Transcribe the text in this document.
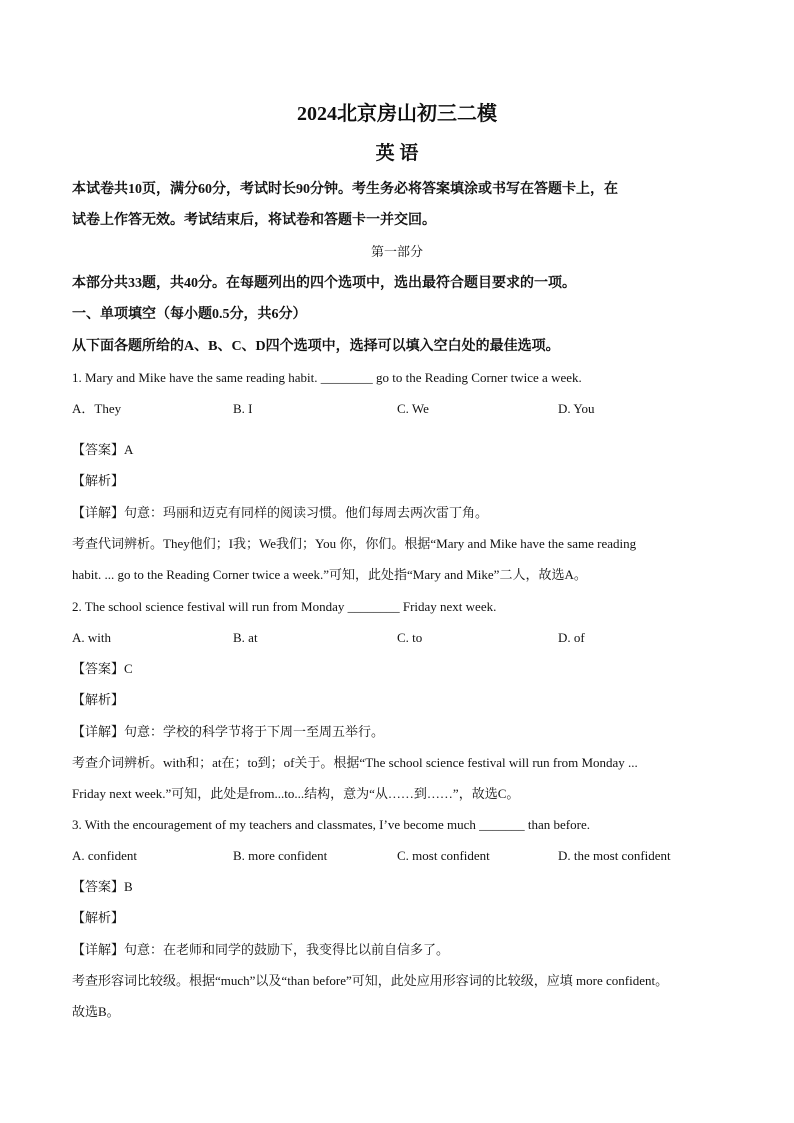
2024北京房山初三二模
英 语
本试卷共10页，满分60分，考试时长90分钟。考生务必将答案填涂或书写在答题卡上，在
试卷上作答无效。考试结束后，将试卷和答题卡一并交回。
第一部分
本部分共33题，共40分。在每题列出的四个选项中，选出最符合题目要求的一项。
一、单项填空（每小题0.5分，共6分）
从下面各题所给的A、B、C、D四个选项中，选择可以填入空白处的最佳选项。
1. Mary and Mike have the same reading habit. ________ go to the Reading Corner twice a week.
A．They	B. I	C. We	D. You
【答案】A
【解析】
【详解】句意：玛丽和迈克有同样的阅读习惯。他们每周去两次雷丁角。
考查代词辨析。They他们；I我；We我们；You 你，你们。根据“Mary and Mike have the same reading
habit. ... go to the Reading Corner twice a week.”可知，此处指“Mary and Mike”二人，故选A。
2. The school science festival will run from Monday ________ Friday next week.
A. with	B. at	C. to	D. of
【答案】C
【解析】
【详解】句意：学校的科学节将于下周一至周五举行。
考查介词辨析。with和；at在；to到；of关于。根据“The school science festival will run from Monday ...
Friday next week.”可知，此处是from...to...结构，意为“从……到……”，故选C。
3. With the encouragement of my teachers and classmates, I’ve become much _______ than before.
A. confident	B. more confident	C. most confident	D. the most confident
【答案】B
【解析】
【详解】句意：在老师和同学的鼓励下，我变得比以前自信多了。
考查形容词比较级。根据“much”以及“than before”可知，此处应用形容词的比较级，应填 more confident。
故选B。
